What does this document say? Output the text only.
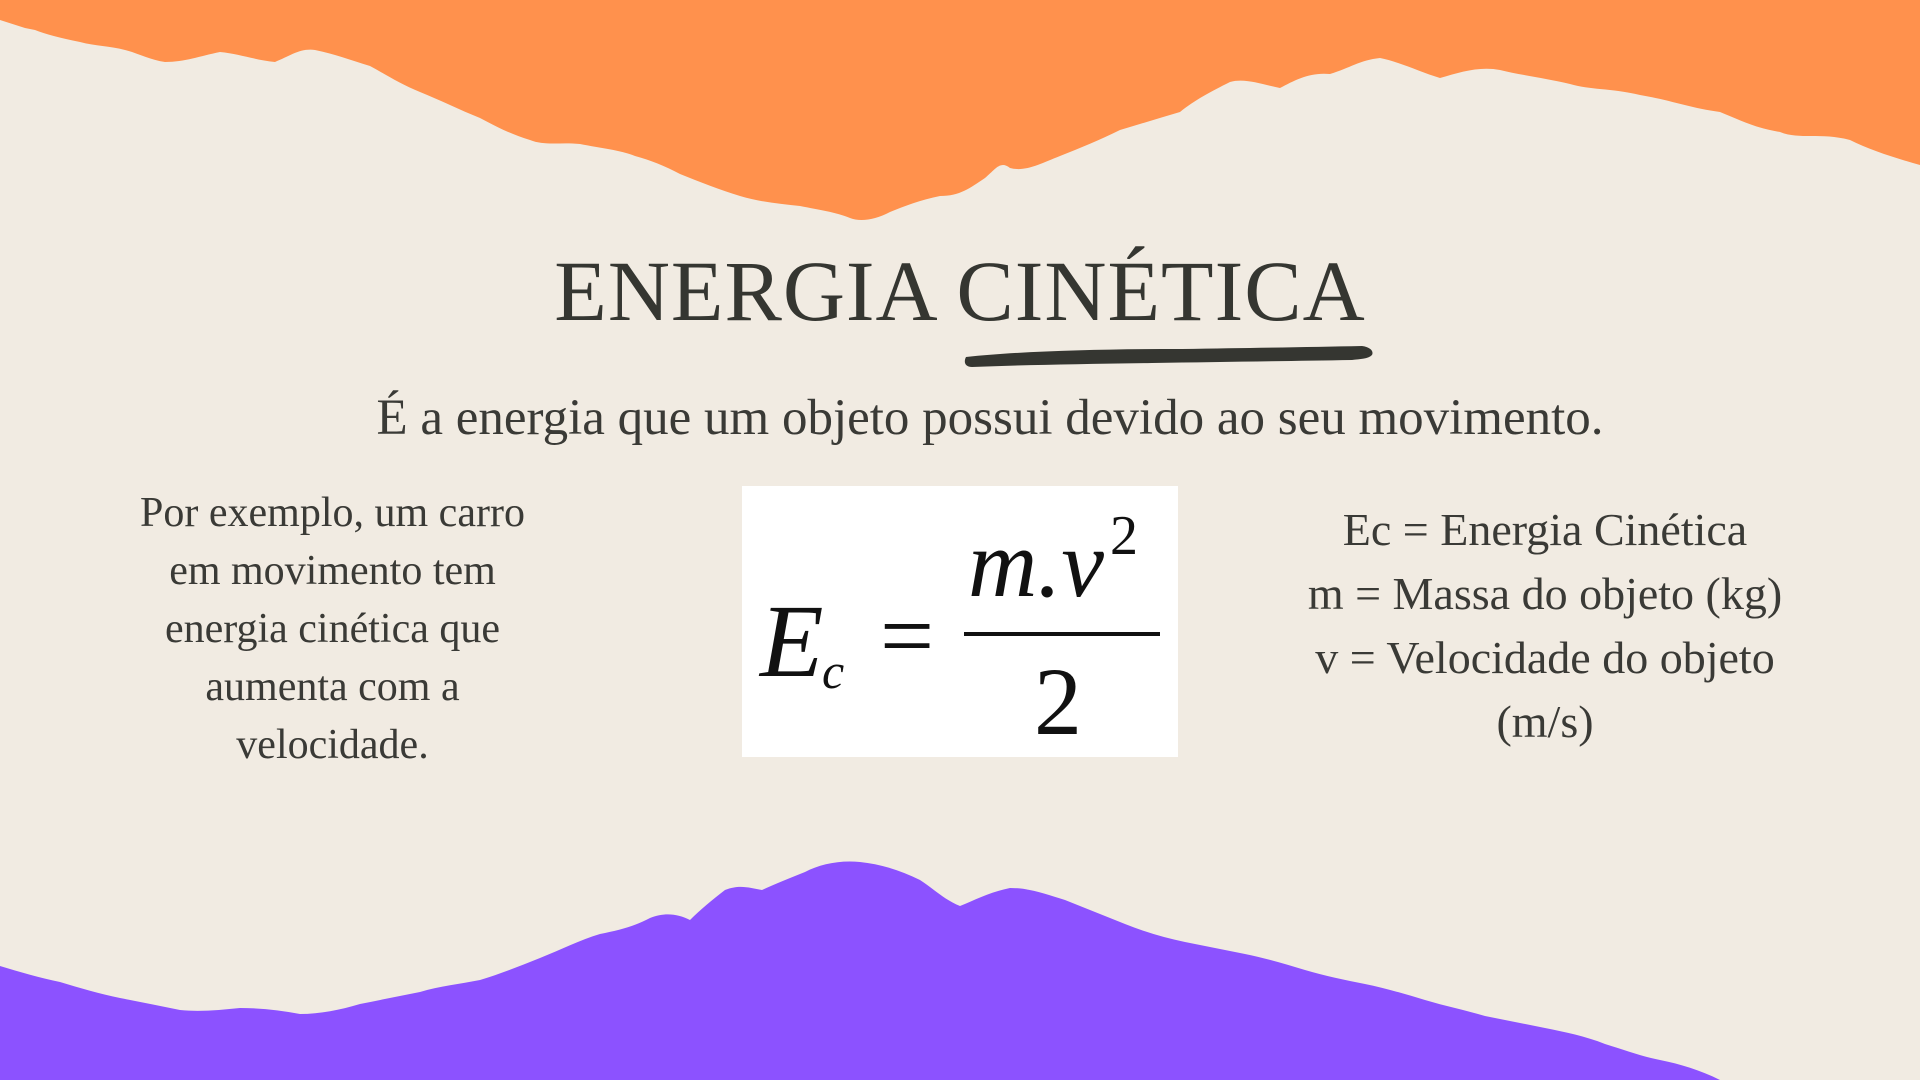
ENERGIA CINÉTICA
É a energia que um objeto possui devido ao seu movimento.
Por exemplo, um carro
em movimento tem
energia cinética que
aumenta com a
velocidade.
E
c =
m.v 2
2
Ec = Energia Cinética
m = Massa do objeto (kg)
v = Velocidade do objeto
(m/s)
